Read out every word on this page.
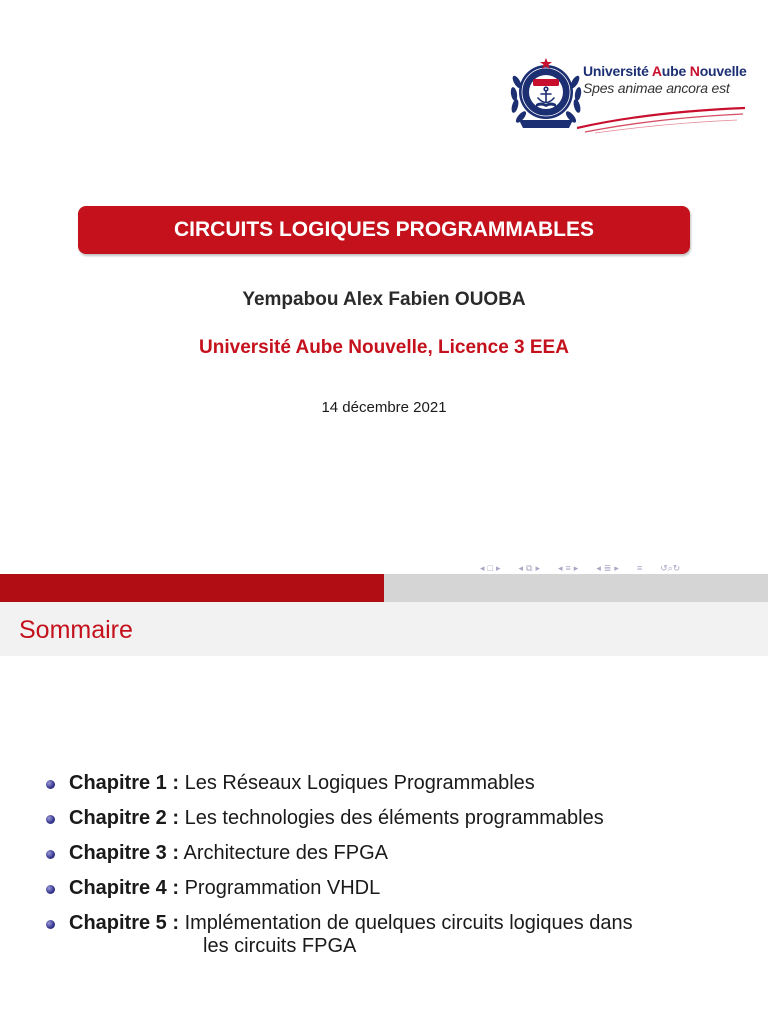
Université Aube Nouvelle
Spes animae ancora est
CIRCUITS LOGIQUES PROGRAMMABLES
Yempabou Alex Fabien OUOBA
Université Aube Nouvelle, Licence 3 EEA
14 décembre 2021
◂ □ ▸ ◂ ⧉ ▸ ◂ ≡ ▸ ◂ ≣ ▸ ≡ ↺⌕↻
Sommaire
Chapitre 1 : Les Réseaux Logiques Programmables
Chapitre 2 : Les technologies des éléments programmables
Chapitre 3 : Architecture des FPGA
Chapitre 4 : Programmation VHDL
Chapitre 5 : Implémentation de quelques circuits logiques dans
les circuits FPGA
